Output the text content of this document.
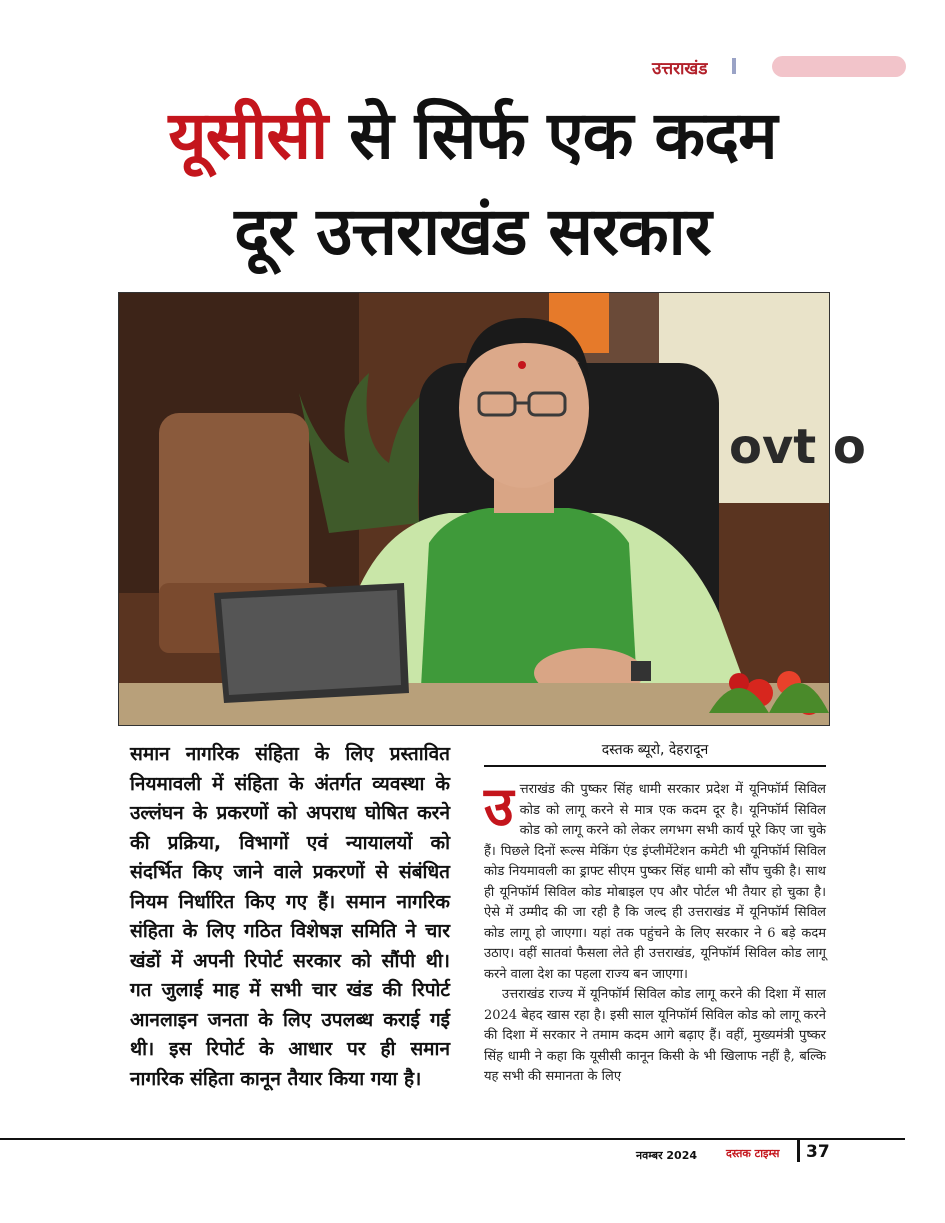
उत्तराखंड
यूसीसी से सिर्फ एक कदम
दूर उत्तराखंड सरकार
ovt o
समान नागरिक संहिता के लिए प्रस्तावित नियमावली में संहिता के अंतर्गत व्यवस्था के उल्लंघन के प्रकरणों को अपराध घोषित करने की प्रक्रिया, विभागों एवं न्यायालयों को संदर्भित किए जाने वाले प्रकरणों से संबंधित नियम निर्धारित किए गए हैं। समान नागरिक संहिता के लिए गठित विशेषज्ञ समिति ने चार खंडों में अपनी रिपोर्ट सरकार को सौंपी थी। गत जुलाई माह में सभी चार खंड की रिपोर्ट आनलाइन जनता के लिए उपलब्ध कराई गई थी। इस रिपोर्ट के आधार पर ही समान नागरिक संहिता कानून तैयार किया गया है।
दस्तक ब्यूरो, देहरादून

उत्तराखंड की पुष्कर सिंह धामी सरकार प्रदेश में यूनिफॉर्म सिविल कोड को लागू करने से मात्र एक कदम दूर है। यूनिफॉर्म सिविल कोड को लागू करने को लेकर लगभग सभी कार्य पूरे किए जा चुके हैं। पिछले दिनों रूल्स मेकिंग एंड इंप्लीमेंटेशन कमेटी भी यूनिफॉर्म सिविल कोड नियमावली का ड्राफ्ट सीएम पुष्कर सिंह धामी को सौंप चुकी है। साथ ही यूनिफॉर्म सिविल कोड मोबाइल एप और पोर्टल भी तैयार हो चुका है। ऐसे में उम्मीद की जा रही है कि जल्द ही उत्तराखंड में यूनिफॉर्म सिविल कोड लागू हो जाएगा। यहां तक पहुंचने के लिए सरकार ने 6 बड़े कदम उठाए। वहीं सातवां फैसला लेते ही उत्तराखंड, यूनिफॉर्म सिविल कोड लागू करने वाला देश का पहला राज्य बन जाएगा।

उत्तराखंड राज्य में यूनिफॉर्म सिविल कोड लागू करने की दिशा में साल 2024 बेहद खास रहा है। इसी साल यूनिफॉर्म सिविल कोड को लागू करने की दिशा में सरकार ने तमाम कदम आगे बढ़ाए हैं। वहीं, मुख्यमंत्री पुष्कर सिंह धामी ने कहा कि यूसीसी कानून किसी के भी खिलाफ नहीं है, बल्कि यह सभी की समानता के लिए

नवम्बर 2024	दस्तक टाइम्स 37
